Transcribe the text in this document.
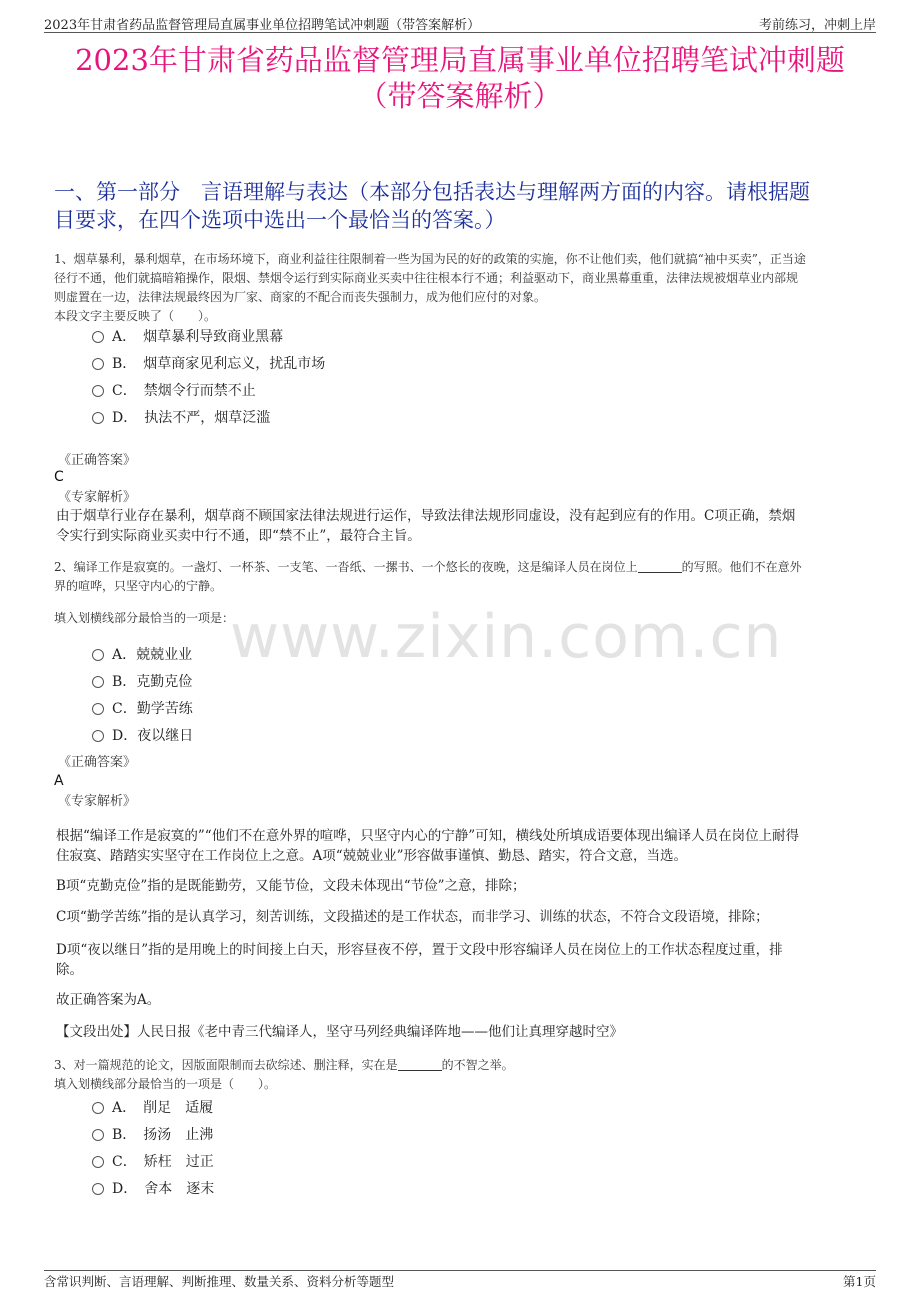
2023年甘肃省药品监督管理局直属事业单位招聘笔试冲刺题（带答案解析）	考前练习，冲刺上岸
2023年甘肃省药品监督管理局直属事业单位招聘笔试冲刺题
（带答案解析）
一、第一部分　言语理解与表达（本部分包括表达与理解两方面的内容。请根据题
目要求，在四个选项中选出一个最恰当的答案。）
www.zixin.com.cn
1、烟草暴利，暴利烟草，在市场环境下，商业利益往往限制着一些为国为民的好的政策的实施，你不让他们卖，他们就搞“袖中买卖”，正当途
径行不通，他们就搞暗箱操作，限烟、禁烟令运行到实际商业买卖中往往根本行不通；利益驱动下，商业黑幕重重，法律法规被烟草业内部规
则虚置在一边，法律法规最终因为厂家、商家的不配合而丧失强制力，成为他们应付的对象。
本段文字主要反映了（　　）。
A．　烟草暴利导致商业黑幕
B．　烟草商家见利忘义，扰乱市场
C．　禁烟令行而禁不止
D．　执法不严，烟草泛滥
《正确答案》
C
《专家解析》
由于烟草行业存在暴利，烟草商不顾国家法律法规进行运作，导致法律法规形同虚设，没有起到应有的作用。C项正确，禁烟
令实行到实际商业买卖中行不通，即“禁不止”，最符合主旨。
2、编译工作是寂寞的。一盏灯、一杯茶、一支笔、一沓纸、一摞书、一个悠长的夜晚，这是编译人员在岗位上	的写照。他们不在意外
界的喧哗，只坚守内心的宁静。
填入划横线部分最恰当的一项是：
A．兢兢业业
B．克勤克俭
C．勤学苦练
D．夜以继日
《正确答案》
A
《专家解析》
根据“编译工作是寂寞的”“他们不在意外界的喧哗，只坚守内心的宁静”可知，横线处所填成语要体现出编译人员在岗位上耐得
住寂寞、踏踏实实坚守在工作岗位上之意。A项“兢兢业业”形容做事谨慎、勤恳、踏实，符合文意，当选。
B项“克勤克俭”指的是既能勤劳，又能节俭，文段未体现出“节俭”之意，排除；
C项“勤学苦练”指的是认真学习，刻苦训练，文段描述的是工作状态，而非学习、训练的状态，不符合文段语境，排除；
D项“夜以继日”指的是用晚上的时间接上白天，形容昼夜不停，置于文段中形容编译人员在岗位上的工作状态程度过重，排
除。
故正确答案为A。
【文段出处】人民日报《老中青三代编译人，坚守马列经典编译阵地——他们让真理穿越时空》
3、对一篇规范的论文，因版面限制而去砍综述、删注释，实在是	的不智之举。
填入划横线部分最恰当的一项是（　　）。
A．　削足　适履
B．　扬汤　止沸
C．　矫枉　过正
D．　舍本　逐末
含常识判断、言语理解、判断推理、数量关系、资料分析等题型	第1页
